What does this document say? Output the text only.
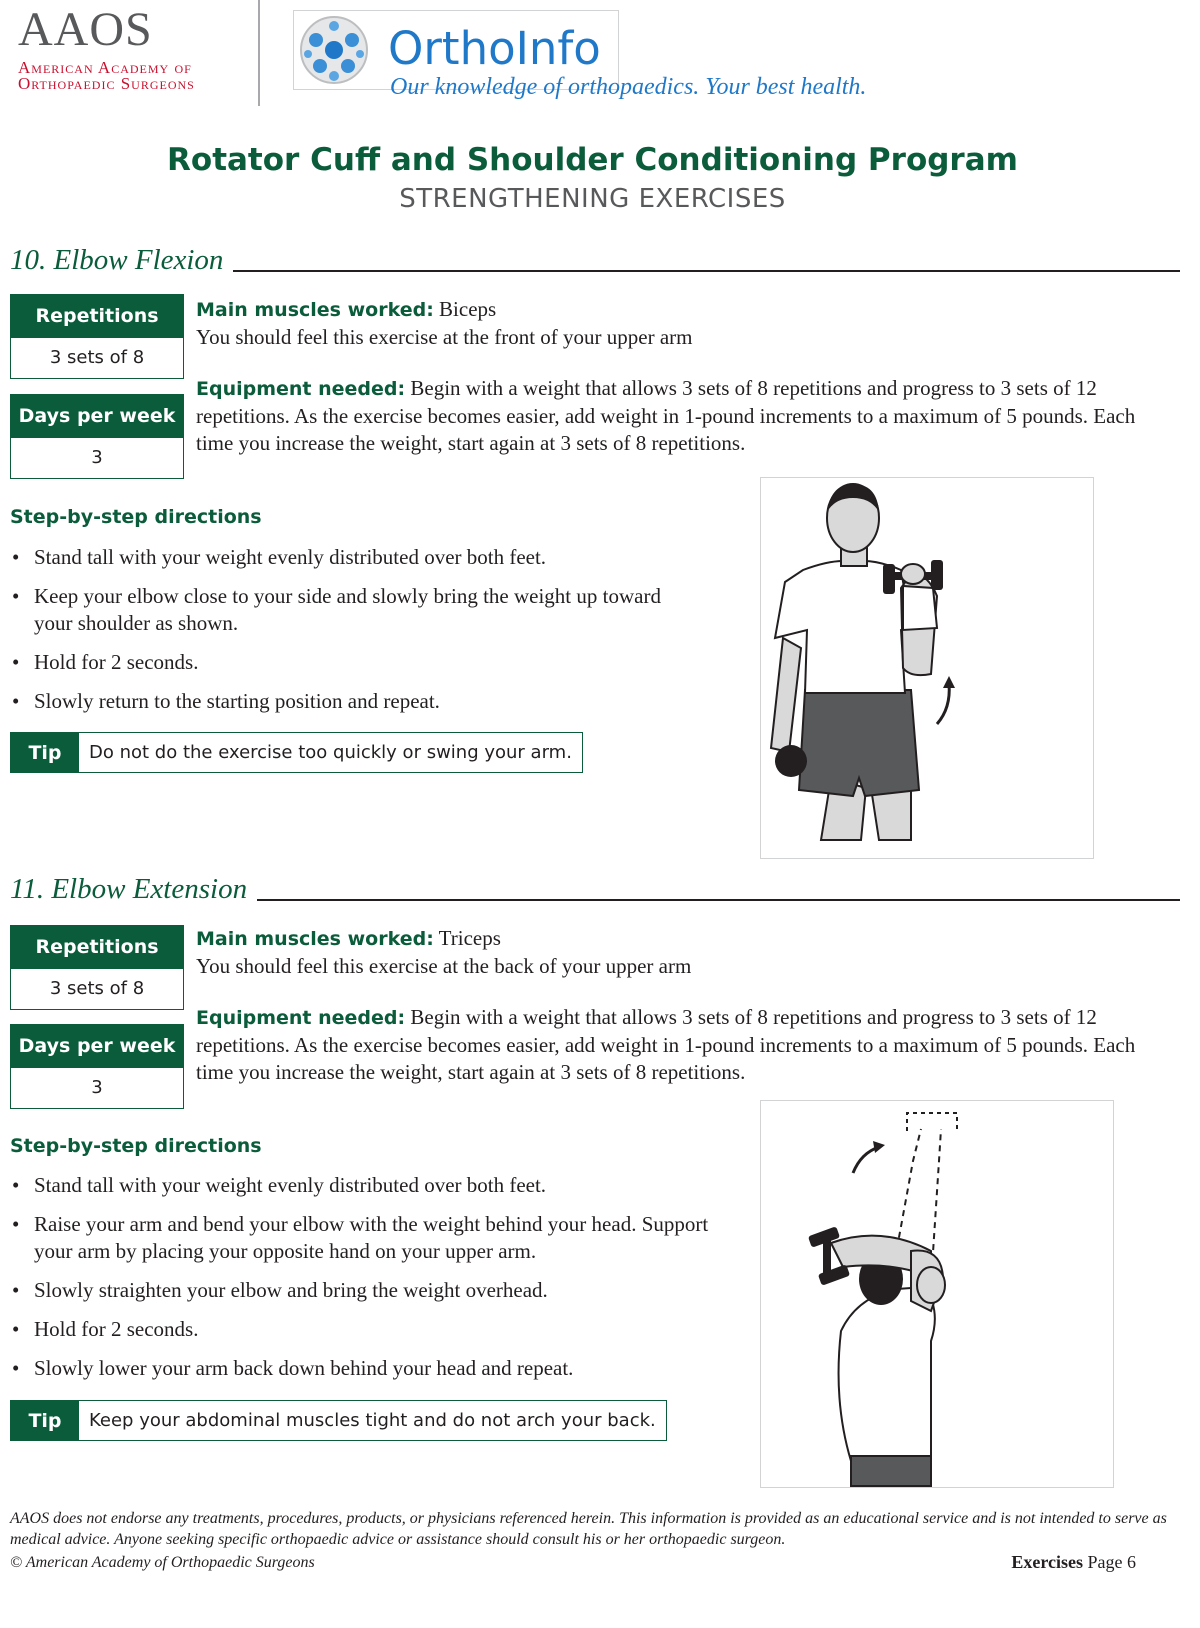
AAOS
American Academy of
Orthopaedic Surgeons
OrthoInfo
Our knowledge of orthopaedics. Your best health.
Rotator Cuff and Shoulder Conditioning Program
STRENGTHENING EXERCISES
10. Elbow Flexion
Repetitions
3 sets of 8
Days per week
3
Main muscles worked: Biceps
You should feel this exercise at the front of your upper arm
Equipment needed: Begin with a weight that allows 3 sets of 8 repetitions and progress to 3 sets of 12 repetitions. As the exercise becomes easier, add weight in 1-pound increments to a maximum of 5 pounds. Each time you increase the weight, start again at 3 sets of 8 repetitions.
Step-by-step directions
• Stand tall with your weight evenly distributed over both feet.
• Keep your elbow close to your side and slowly bring the weight up toward your shoulder as shown.
• Hold for 2 seconds.
• Slowly return to the starting position and repeat.
Tip	Do not do the exercise too quickly or swing your arm.
11. Elbow Extension
Repetitions
3 sets of 8
Days per week
3
Main muscles worked: Triceps
You should feel this exercise at the back of your upper arm
Equipment needed: Begin with a weight that allows 3 sets of 8 repetitions and progress to 3 sets of 12 repetitions. As the exercise becomes easier, add weight in 1-pound increments to a maximum of 5 pounds. Each time you increase the weight, start again at 3 sets of 8 repetitions.
Step-by-step directions
• Stand tall with your weight evenly distributed over both feet.
• Raise your arm and bend your elbow with the weight behind your head. Support your arm by placing your opposite hand on your upper arm.
• Slowly straighten your elbow and bring the weight overhead.
• Hold for 2 seconds.
• Slowly lower your arm back down behind your head and repeat.
Tip	Keep your abdominal muscles tight and do not arch your back.
AAOS does not endorse any treatments, procedures, products, or physicians referenced herein. This information is provided as an educational service and is not intended to serve as medical advice. Anyone seeking specific orthopaedic advice or assistance should consult his or her orthopaedic surgeon.
© American Academy of Orthopaedic Surgeons	Exercises Page 6
